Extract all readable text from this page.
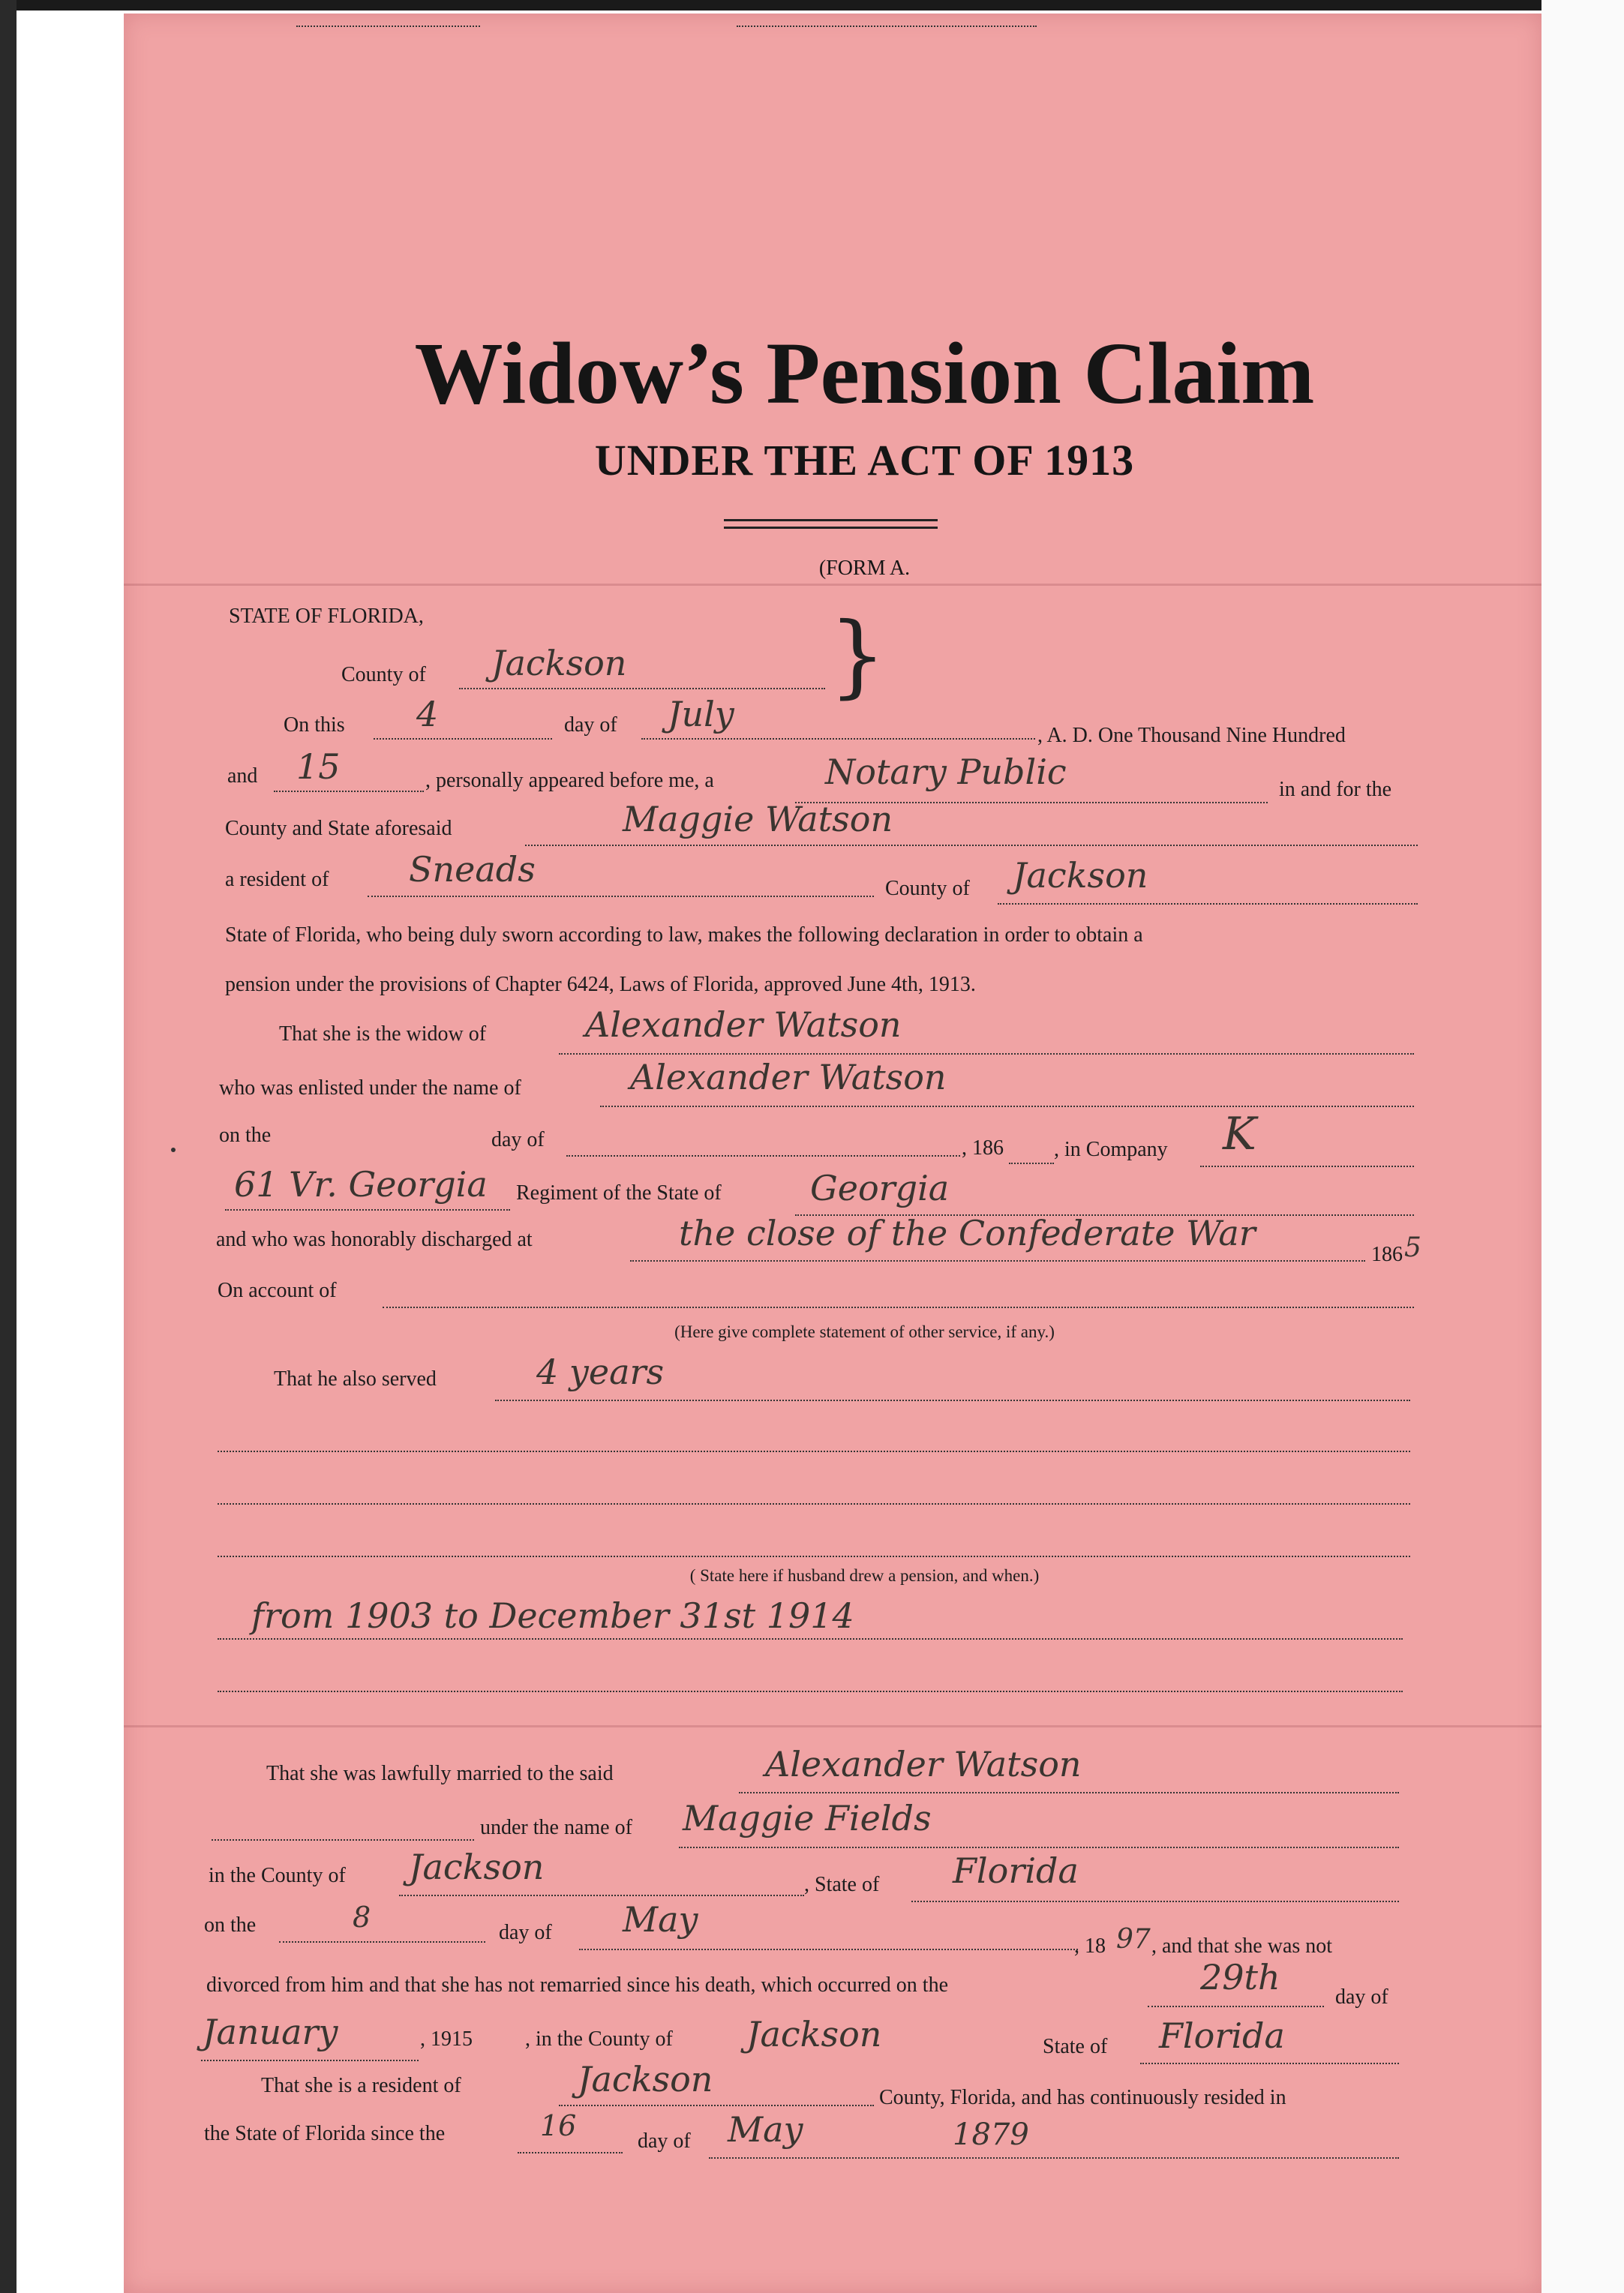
Widow’s Pension Claim
UNDER THE ACT OF 1913
(FORM A.
STATE OF FLORIDA,
County of Jackson }
On this 4	day of July
, A. D. One Thousand Nine Hundred
and 15	, personally appeared before me, a	Notary Public	in and for the
County and State aforesaid	Maggie Watson
a resident of Sneads	County of Jackson
State of Florida, who being duly sworn according to law, makes the following declaration in order to obtain a
pension under the provisions of Chapter 6424, Laws of Florida, approved June 4th, 1913.
That she is the widow of	Alexander Watson
who was enlisted under the name of	Alexander Watson
on the	day of	, 186 , in Company K
61 Vr. Georgia Regiment of the State of	Georgia
and who was honorably discharged at	the close of the Confederate War
186 5
On account of
(Here give complete statement of other service, if any.)
That he also served	4 years
( State here if husband drew a pension, and when.)
from 1903 to December 31st 1914
That she was lawfully married to the said	Alexander Watson
under the name of Maggie Fields
in the County of Jackson	, State of Florida
on the	8	day of May
, 18 97 , and that she was not
divorced from him and that she has not remarried since his death, which occurred on the	29th	day of
January	, 1915	, in the County of Jackson	State of Florida
That she is a resident of	Jackson	County, Florida, and has continuously resided in
the State of Florida since the	16	day of May	1879
